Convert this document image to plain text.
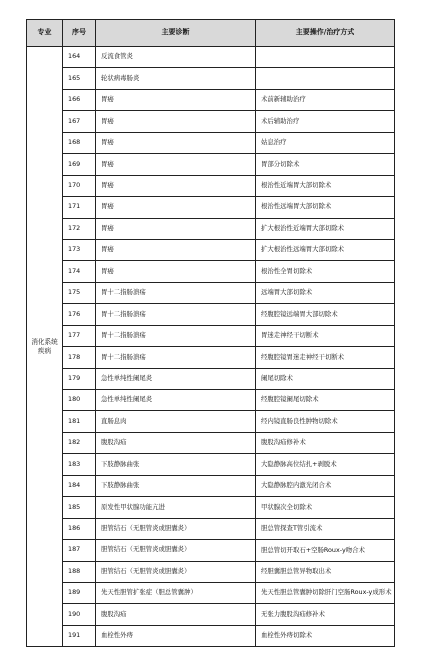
专业	序号	主要诊断	主要操作/治疗方式
消化系统疾病	164	反流食管炎	
	165	轮状病毒肠炎	
	166	胃癌	术前新辅助治疗
	167	胃癌	术后辅助治疗
	168	胃癌	姑息治疗
	169	胃癌	胃部分切除术
	170	胃癌	根治性近端胃大部切除术
	171	胃癌	根治性远端胃大部切除术
	172	胃癌	扩大根治性近端胃大部切除术
	173	胃癌	扩大根治性远端胃大部切除术
	174	胃癌	根治性全胃切除术
	175	胃十二指肠溃疡	远端胃大部切除术
	176	胃十二指肠溃疡	经腹腔镜远端胃大部切除术
	177	胃十二指肠溃疡	胃迷走神经干切断术
	178	胃十二指肠溃疡	经腹腔镜胃迷走神经干切断术
	179	急性单纯性阑尾炎	阑尾切除术
	180	急性单纯性阑尾炎	经腹腔镜阑尾切除术
	181	直肠息肉	经内镜直肠良性肿物切除术
	182	腹股沟疝	腹股沟疝修补术
	183	下肢静脉曲张	大隐静脉高位结扎+剥脱术
	184	下肢静脉曲张	大隐静脉腔内激光闭合术
	185	原发性甲状腺功能亢进	甲状腺次全切除术
	186	胆管结石（无胆管炎或胆囊炎）	胆总管探查T管引流术
	187	胆管结石（无胆管炎或胆囊炎）	胆总管切开取石+空肠Roux-y吻合术
	188	胆管结石（无胆管炎或胆囊炎）	经胆囊胆总管异物取出术
	189	先天性胆管扩张症（胆总管囊肿）	先天性胆总管囊肿切除肝门空肠Roux-y成形术
	190	腹股沟疝	无张力腹股沟疝修补术
	191	血栓性外痔	血栓性外痔切除术
